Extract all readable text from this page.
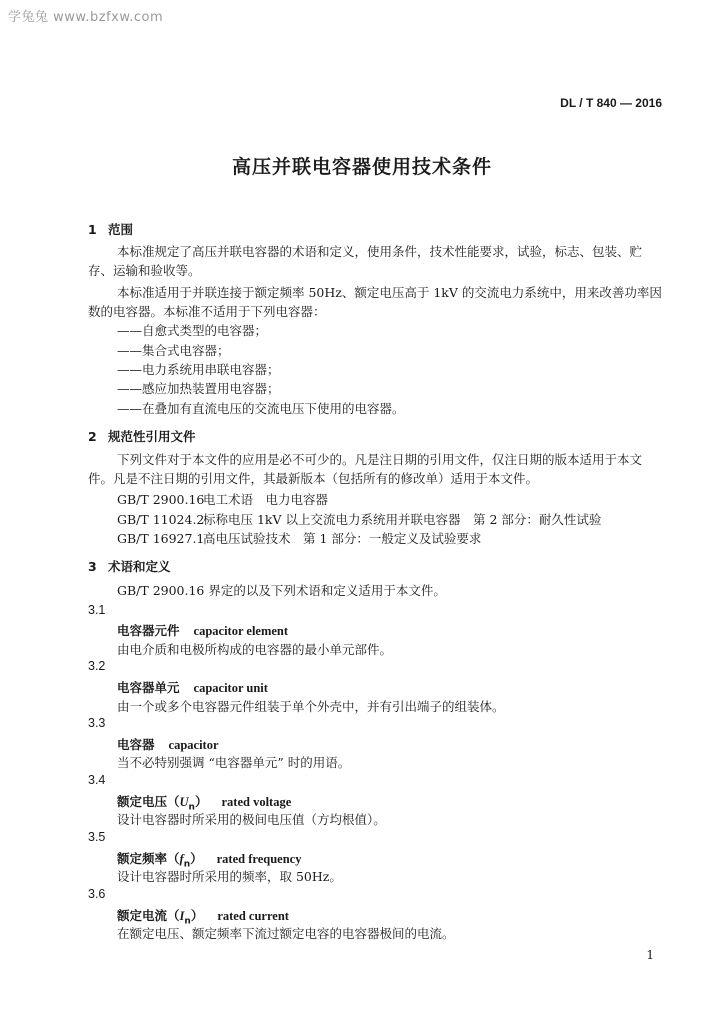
学兔兔 www.bzfxw.com
DL / T 840 — 2016
高压并联电容器使用技术条件
1 范围
本标准规定了高压并联电容器的术语和定义，使用条件，技术性能要求，试验，标志、包装、贮存、运输和验收等。
本标准适用于并联连接于额定频率 50Hz、额定电压高于 1kV 的交流电力系统中，用来改善功率因数的电容器。本标准不适用于下列电容器：
——自愈式类型的电容器；
——集合式电容器；
——电力系统用串联电容器；
——感应加热装置用电容器；
——在叠加有直流电压的交流电压下使用的电容器。
2 规范性引用文件
下列文件对于本文件的应用是必不可少的。凡是注日期的引用文件，仅注日期的版本适用于本文件。凡是不注日期的引用文件，其最新版本（包括所有的修改单）适用于本文件。
GB/T 2900.16电工术语　电力电容器
GB/T 11024.2标称电压 1kV 以上交流电力系统用并联电容器　第 2 部分：耐久性试验
GB/T 16927.1高电压试验技术　第 1 部分：一般定义及试验要求
3 术语和定义
GB/T 2900.16 界定的以及下列术语和定义适用于本文件。
3.1
电容器元件 capacitor element
由电介质和电极所构成的电容器的最小单元部件。
3.2
电容器单元 capacitor unit
由一个或多个电容器元件组装于单个外壳中，并有引出端子的组装体。
3.3
电容器 capacitor
当不必特别强调 “电容器单元” 时的用语。
3.4
额定电压$(U_n)$ rated voltage
设计电容器时所采用的极间电压值（方均根值）。
3.5
额定频率$(f_n)$ rated frequency
设计电容器时所采用的频率，取 50Hz。
3.6
额定电流$(I_n)$ rated current
在额定电压、额定频率下流过额定电容的电容器极间的电流。
1
